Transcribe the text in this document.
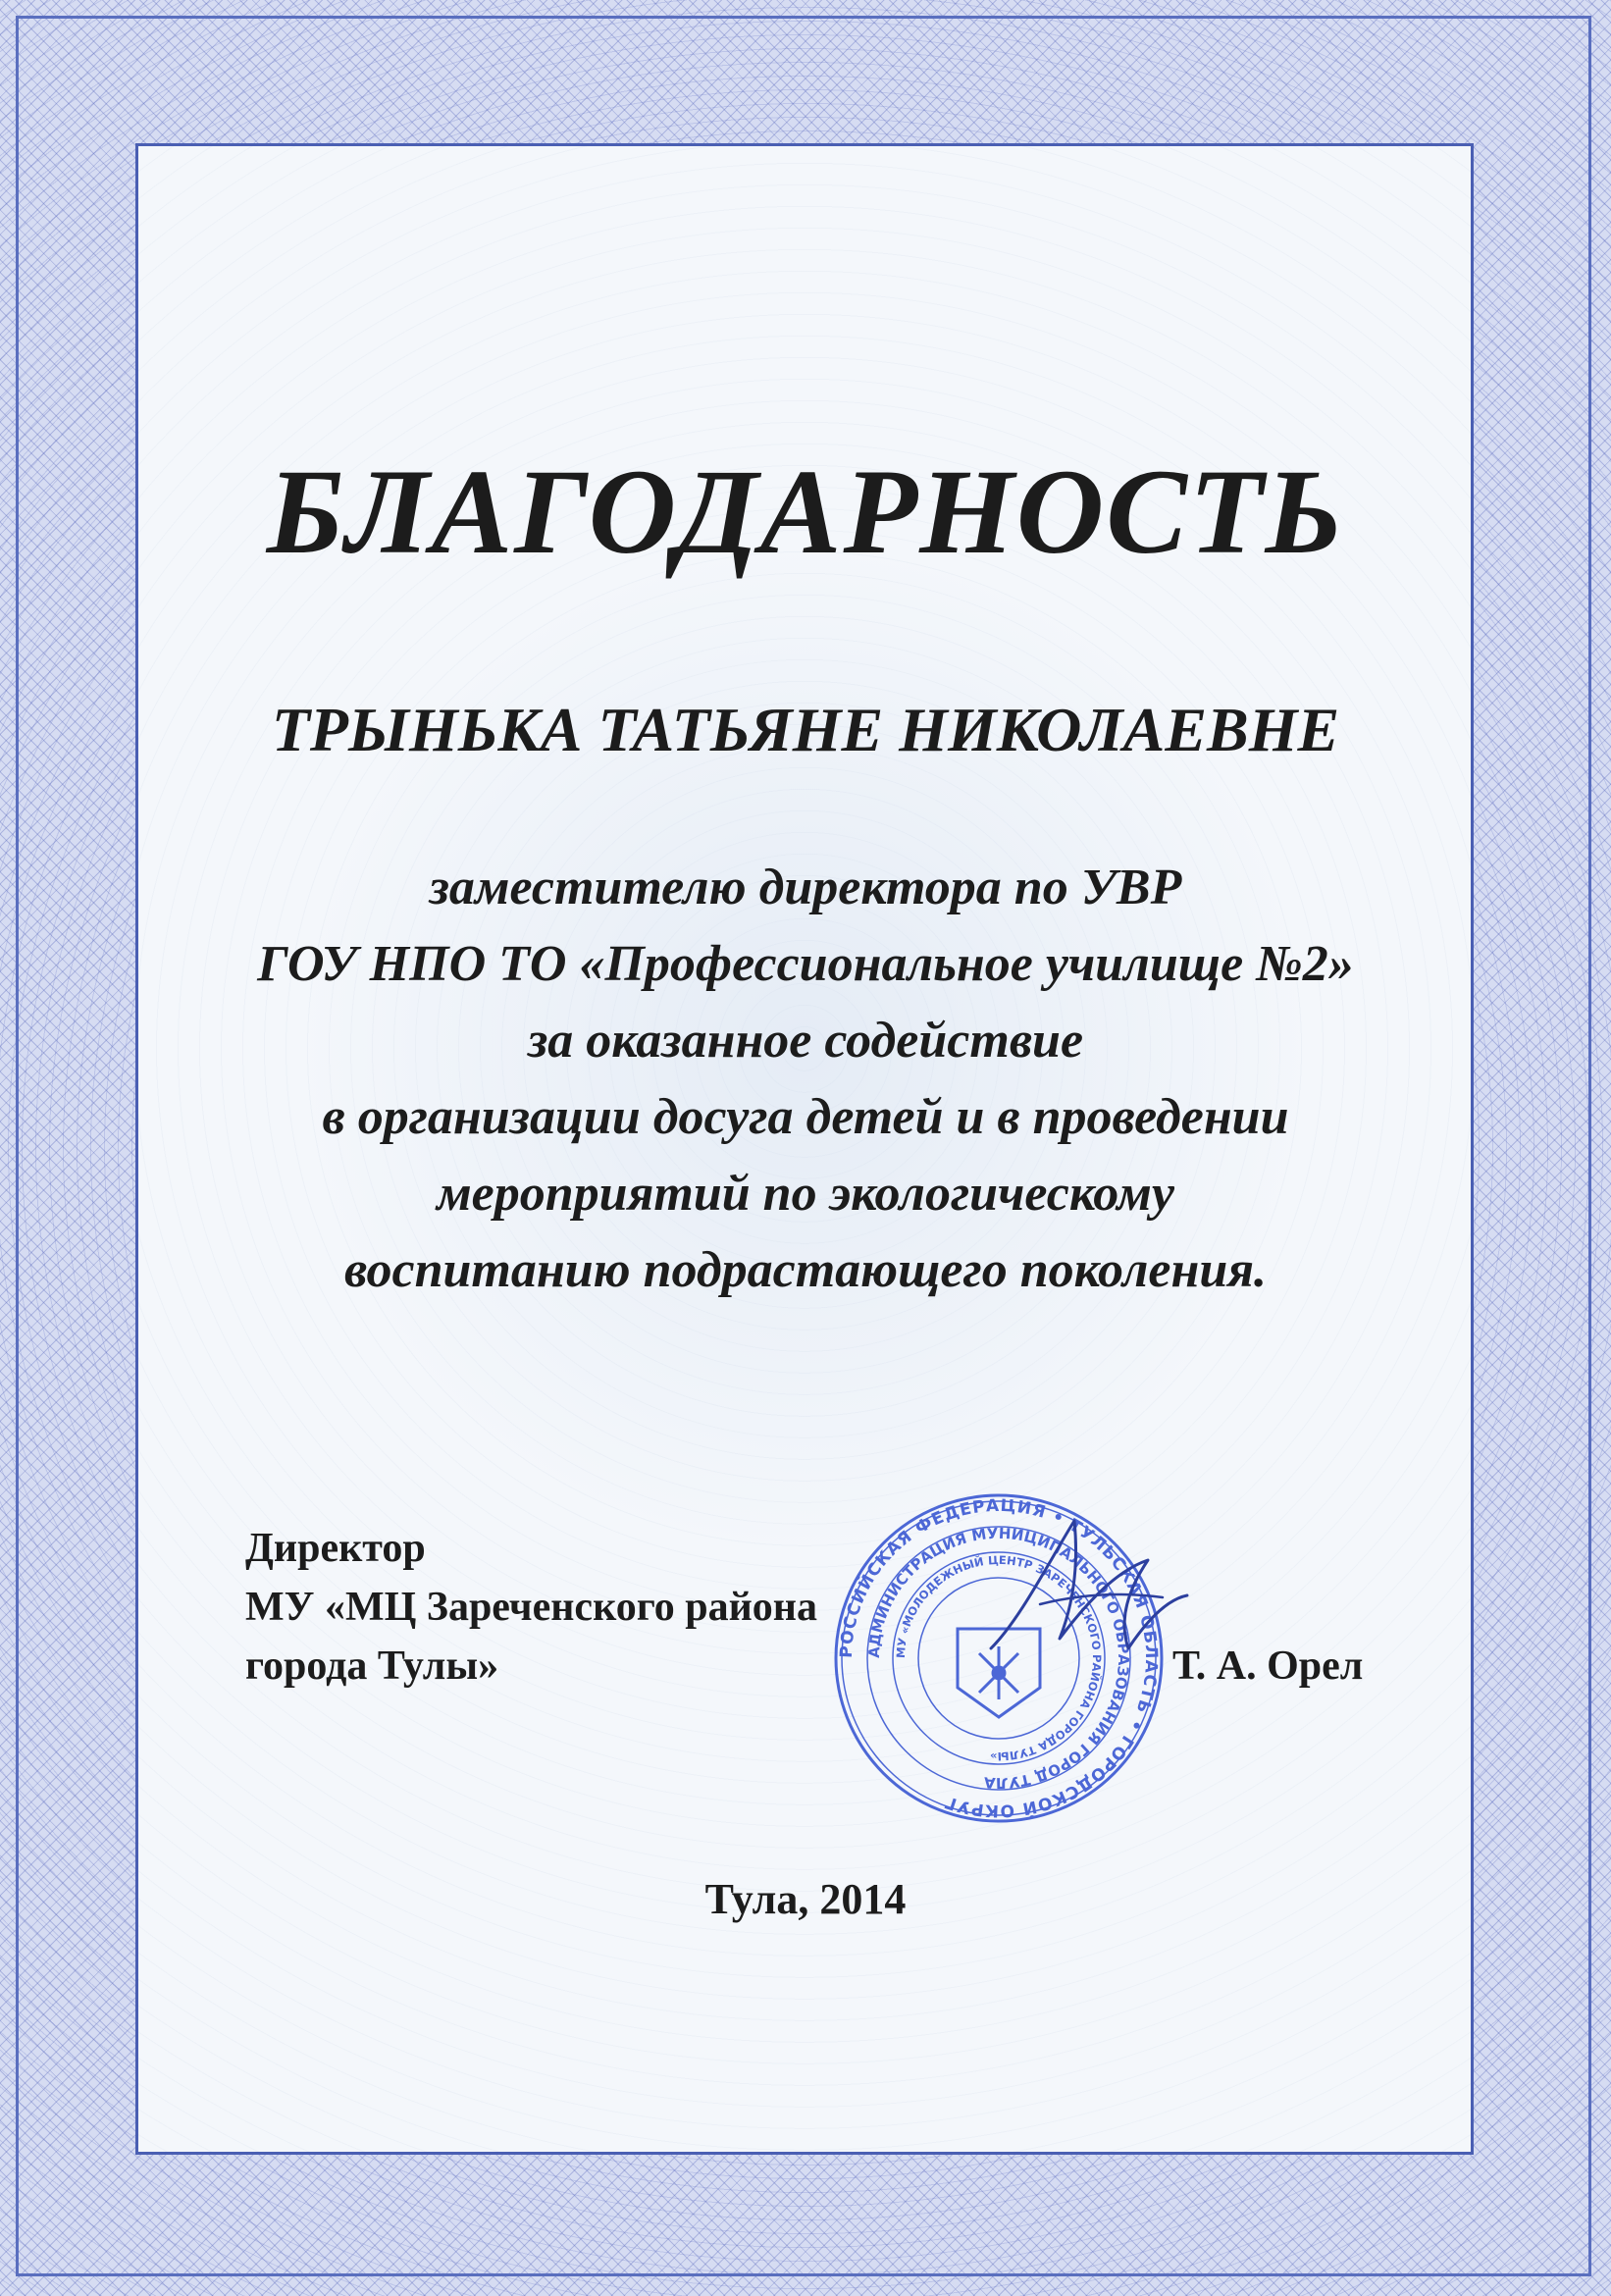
БЛАГОДАРНОСТЬ
ТРЫНЬКА ТАТЬЯНЕ НИКОЛАЕВНЕ
заместителю директора по УВР
ГОУ НПО ТО «Профессиональное училище №2»
за оказанное содействие
в организации досуга детей и в проведении
мероприятий по экологическому
воспитанию подрастающего поколения.
Директор
МУ «МЦ Зареченского района
города Тулы»	РОССИЙСКАЯ ФЕДЕРАЦИЯ • ТУЛЬСКАЯ ОБЛАСТЬ • ГОРОДСКОЙ ОКРУГ
АДМИНИСТРАЦИЯ МУНИЦИПАЛЬНОГО ОБРАЗОВАНИЯ ГОРОД ТУЛА
МУ «МОЛОДЕЖНЫЙ ЦЕНТР ЗАРЕЧЕНСКОГО РАЙОНА ГОРОДА ТУЛЫ»
Т. А. Орел
Тула, 2014
